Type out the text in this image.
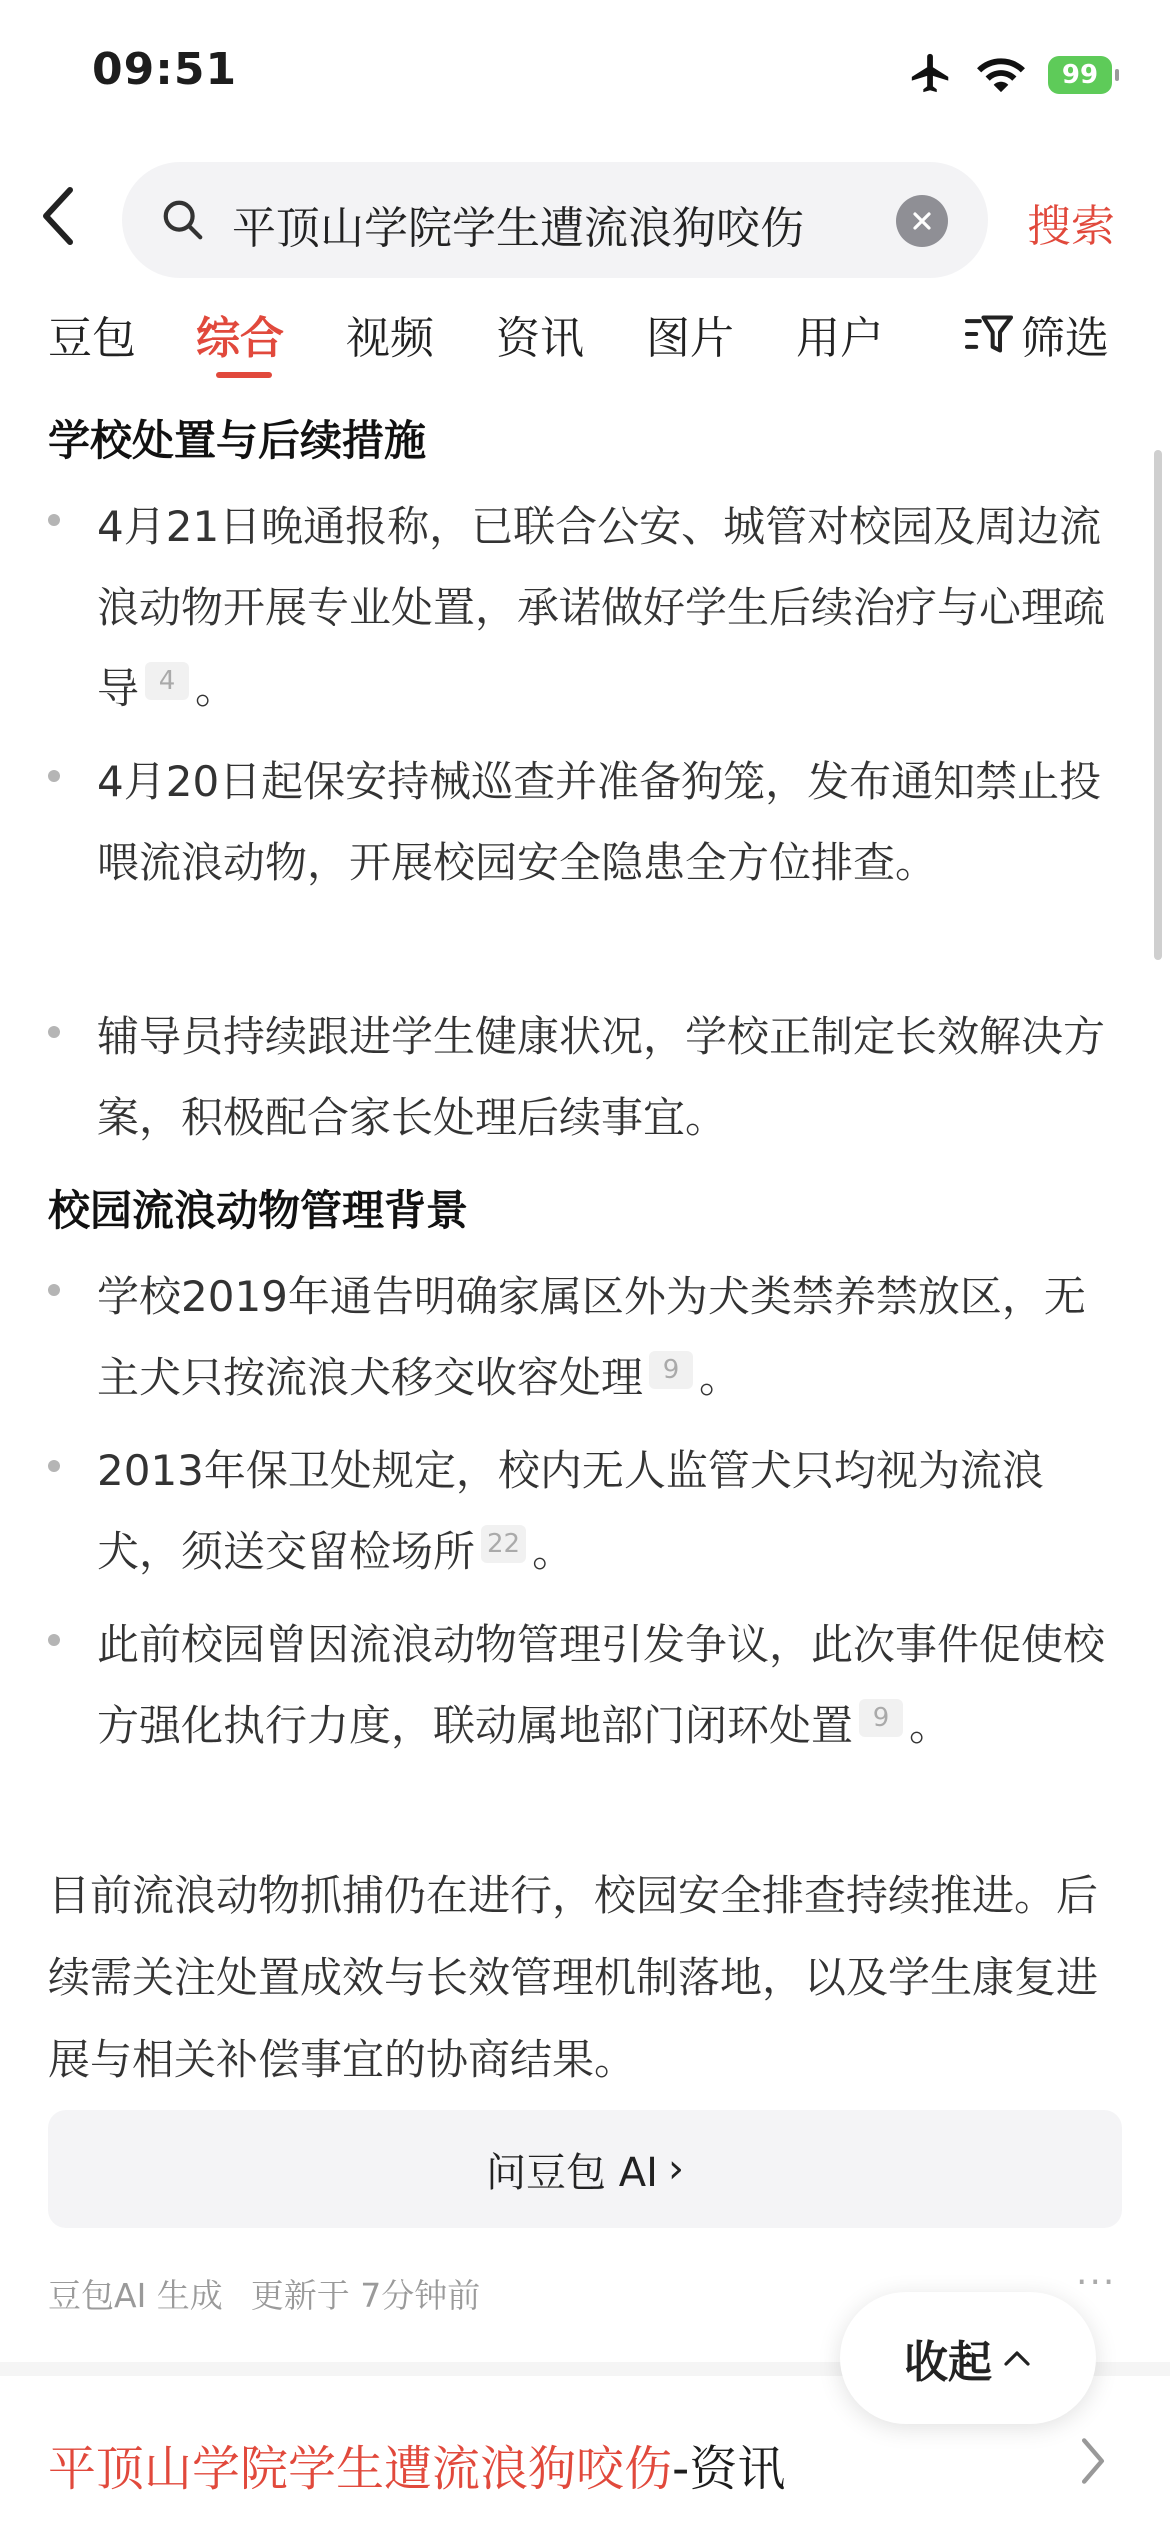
09:51	99
平顶山学院学生遭流浪狗咬伤	搜索
豆包 综合 视频 资讯 图片 用户	筛选
学校处置与后续措施
4月21日晚通报称，已联合公安、城管对校园及周边流浪动物开展专业处置，承诺做好学生后续治疗与心理疏导 4 。
4月20日起保安持械巡查并准备狗笼，发布通知禁止投喂流浪动物，开展校园安全隐患全方位排查。
辅导员持续跟进学生健康状况，学校正制定长效解决方案，积极配合家长处理后续事宜。
校园流浪动物管理背景
学校2019年通告明确家属区外为犬类禁养禁放区，无主犬只按流浪犬移交收容处理 9 。
2013年保卫处规定，校内无人监管犬只均视为流浪犬，须送交留检场所 22 。
此前校园曾因流浪动物管理引发争议，此次事件促使校方强化执行力度，联动属地部门闭环处置 9 。
目前流浪动物抓捕仍在进行，校园安全排查持续推进。后续需关注处置成效与长效管理机制落地，以及学生康复进展与相关补偿事宜的协商结果。
问豆包 AI ›
豆包AI 生成 更新于 7分钟前	···
收起
平顶山学院学生遭流浪狗咬伤-资讯
